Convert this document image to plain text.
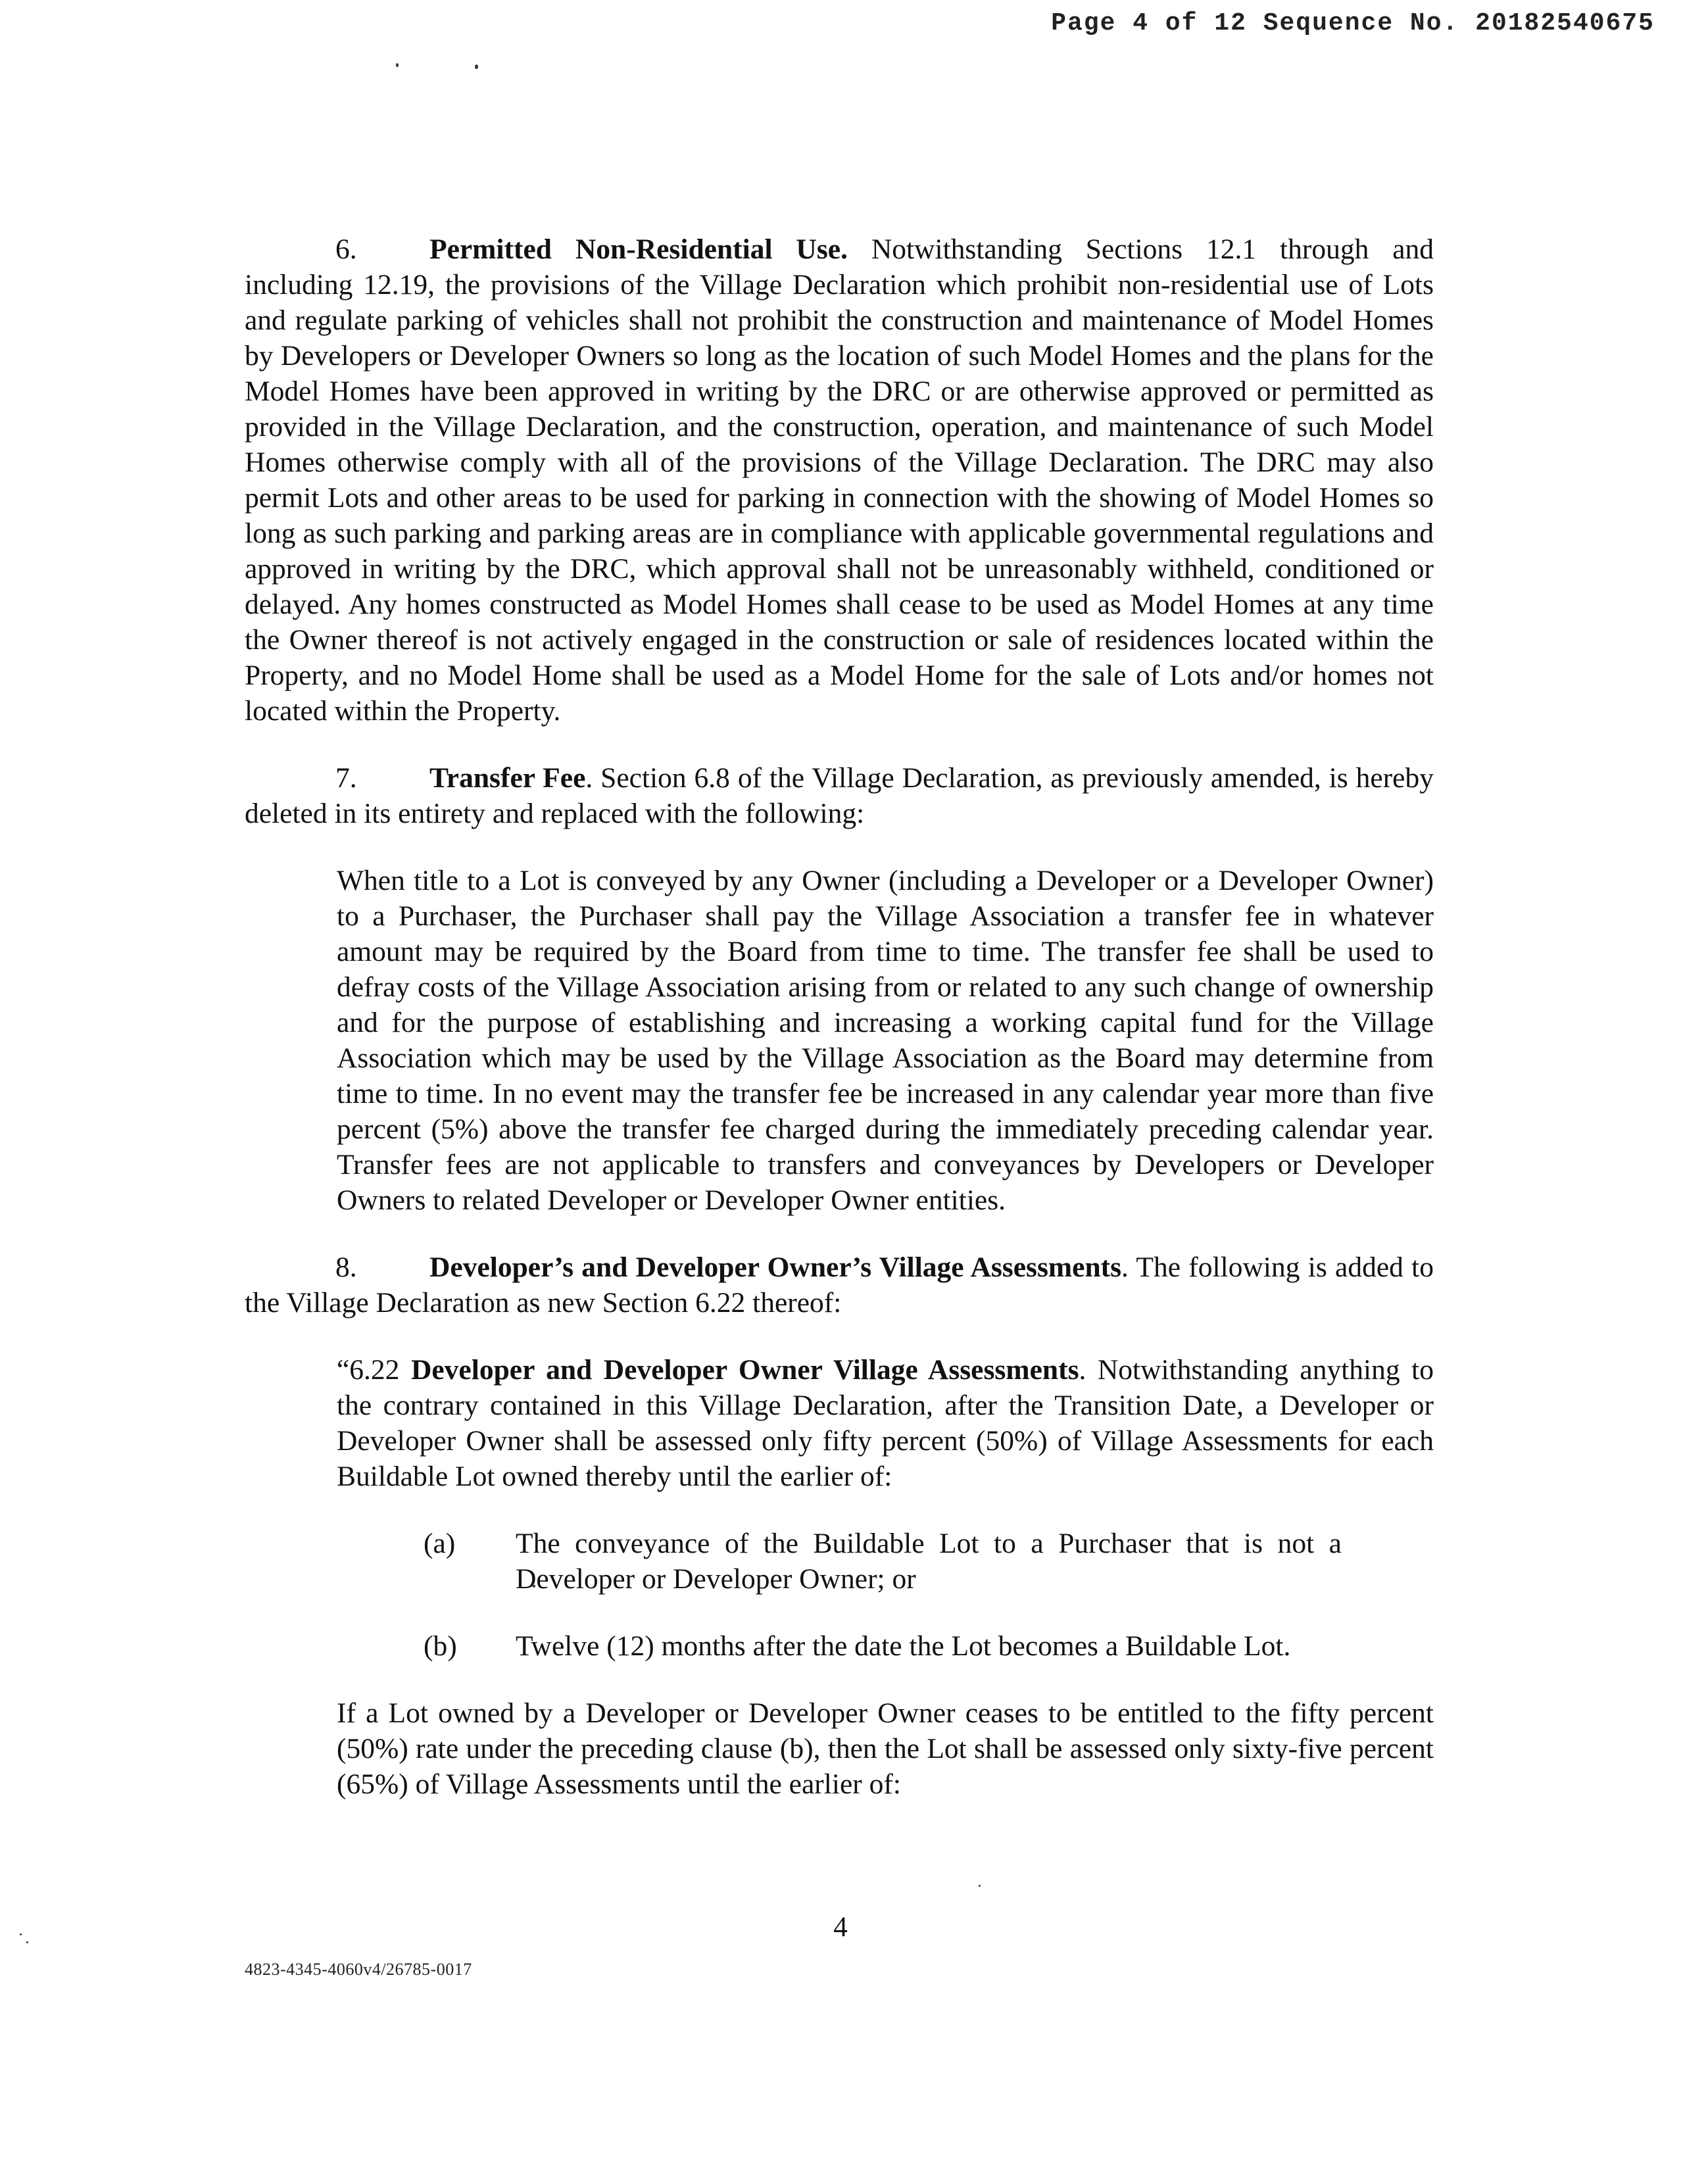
Page 4 of 12 Sequence No. 20182540675

6.	Permitted Non-Residential Use. Notwithstanding Sections 12.1 through and including 12.19, the provisions of the Village Declaration which prohibit non-residential use of Lots and regulate parking of vehicles shall not prohibit the construction and maintenance of Model Homes by Developers or Developer Owners so long as the location of such Model Homes and the plans for the Model Homes have been approved in writing by the DRC or are otherwise approved or permitted as provided in the Village Declaration, and the construction, operation, and maintenance of such Model Homes otherwise comply with all of the provisions of the Village Declaration. The DRC may also permit Lots and other areas to be used for parking in connection with the showing of Model Homes so long as such parking and parking areas are in compliance with applicable governmental regulations and approved in writing by the DRC, which approval shall not be unreasonably withheld, conditioned or delayed. Any homes constructed as Model Homes shall cease to be used as Model Homes at any time the Owner thereof is not actively engaged in the construction or sale of residences located within the Property, and no Model Home shall be used as a Model Home for the sale of Lots and/or homes not located within the Property.

7.	Transfer Fee. Section 6.8 of the Village Declaration, as previously amended, is hereby deleted in its entirety and replaced with the following:

When title to a Lot is conveyed by any Owner (including a Developer or a Developer Owner) to a Purchaser, the Purchaser shall pay the Village Association a transfer fee in whatever amount may be required by the Board from time to time. The transfer fee shall be used to defray costs of the Village Association arising from or related to any such change of ownership and for the purpose of establishing and increasing a working capital fund for the Village Association which may be used by the Village Association as the Board may determine from time to time. In no event may the transfer fee be increased in any calendar year more than five percent (5%) above the transfer fee charged during the immediately preceding calendar year. Transfer fees are not applicable to transfers and conveyances by Developers or Developer Owners to related Developer or Developer Owner entities.

8.	Developer’s and Developer Owner’s Village Assessments. The following is added to the Village Declaration as new Section 6.22 thereof:

“6.22 Developer and Developer Owner Village Assessments. Notwithstanding anything to the contrary contained in this Village Declaration, after the Transition Date, a Developer or Developer Owner shall be assessed only fifty percent (50%) of Village Assessments for each Buildable Lot owned thereby until the earlier of:

(a)	The conveyance of the Buildable Lot to a Purchaser that is not a Developer or Developer Owner; or
(b)	Twelve (12) months after the date the Lot becomes a Buildable Lot.

If a Lot owned by a Developer or Developer Owner ceases to be entitled to the fifty percent (50%) rate under the preceding clause (b), then the Lot shall be assessed only sixty-five percent (65%) of Village Assessments until the earlier of:

4
4823-4345-4060v4/26785-0017
